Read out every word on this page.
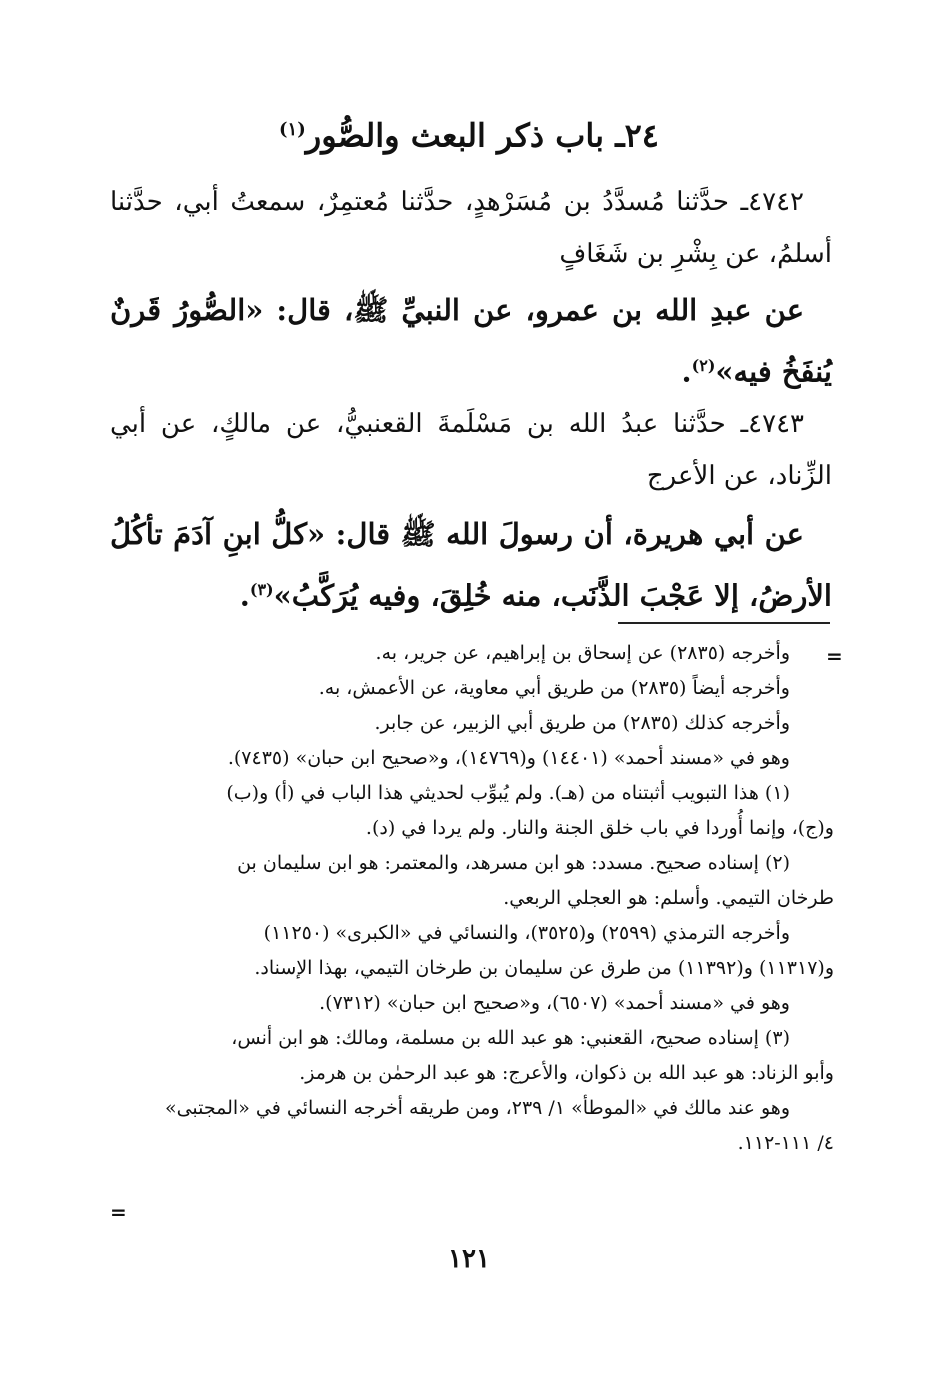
٢٤ـ باب ذكر البعث والصُّور$^{(١)}$
٤٧٤٢ـ حدَّثنا مُسدَّدُ بن مُسَرْهدٍ، حدَّثنا مُعتمِرٌ، سمعتُ أبي، حدَّثنا أسلمُ، عن بِشْرِ بن شَغَافٍ
عن عبدِ الله بن عمرو، عن النبيِّ ﷺ، قال: «الصُّورُ قَرنٌ يُنفَخُ فيه»$^{(٢)}$.
٤٧٤٣ـ حدَّثنا عبدُ الله بن مَسْلَمةَ القعنبيُّ، عن مالكٍ، عن أبي الزِّناد، عن الأعرج
عن أبي هريرة، أن رسولَ الله ﷺ قال: «كلُّ ابنِ آدَمَ تأكُلُ الأرضُ، إلا عَجْبَ الذَّنَب، منه خُلِقَ، وفيه يُرَكَّبُ»$^{(٣)}$.
=
وأخرجه (٢٨٣٥) عن إسحاق بن إبراهيم، عن جرير، به.
وأخرجه أيضاً (٢٨٣٥) من طريق أبي معاوية، عن الأعمش، به.
وأخرجه كذلك (٢٨٣٥) من طريق أبي الزبير، عن جابر.
وهو في «مسند أحمد» (١٤٤٠١) و(١٤٧٦٩)، و«صحيح ابن حبان» (٧٤٣٥).
(١) هذا التبويب أثبتناه من (هـ). ولم يُبوِّب لحديثي هذا الباب في (أ) و(ب)
و(ج)، وإنما أُوردا في باب خلق الجنة والنار. ولم يردا في (د).
(٢) إسناده صحيح. مسدد: هو ابن مسرهد، والمعتمر: هو ابن سليمان بن
طرخان التيمي. وأسلم: هو العجلي الربعي.
وأخرجه الترمذي (٢٥٩٩) و(٣٥٢٥)، والنسائي في «الكبرى» (١١٢٥٠)
و(١١٣١٧) و(١١٣٩٢) من طرق عن سليمان بن طرخان التيمي، بهذا الإسناد.
وهو في «مسند أحمد» (٦٥٠٧)، و«صحيح ابن حبان» (٧٣١٢).
(٣) إسناده صحيح، القعنبي: هو عبد الله بن مسلمة، ومالك: هو ابن أنس،
وأبو الزناد: هو عبد الله بن ذكوان، والأعرج: هو عبد الرحمٰن بن هرمز.
وهو عند مالك في «الموطأ» ١/ ٢٣٩، ومن طريقه أخرجه النسائي في «المجتبى»
٤/ ١١١-١١٢.
=
١٢١
